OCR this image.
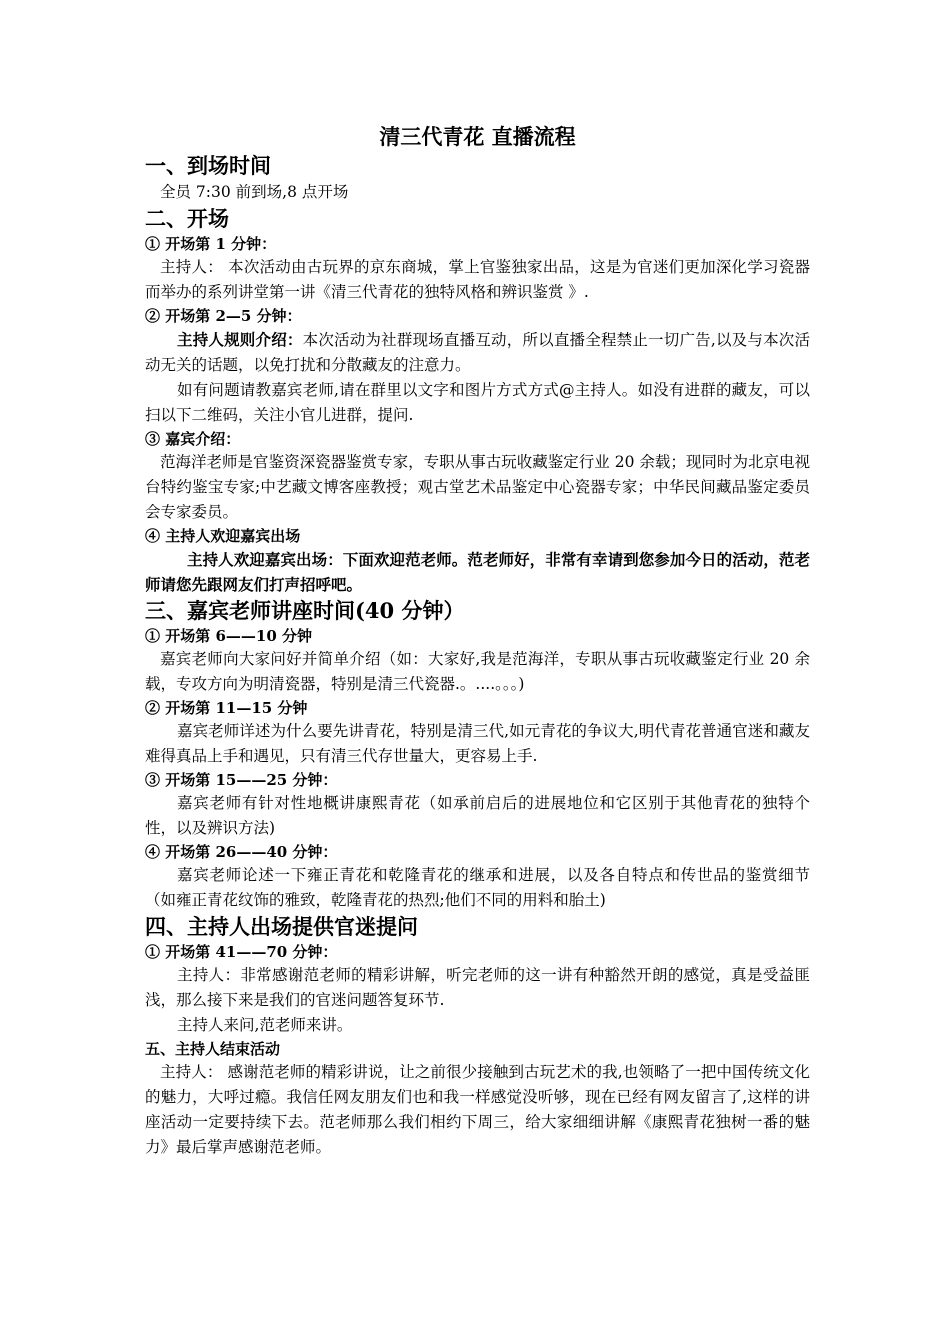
清三代青花 直播流程
一、到场时间
全员 7:30 前到场,8 点开场
二、开场
① 开场第 1 分钟：
主持人： 本次活动由古玩界的京东商城，掌上官鉴独家出品，这是为官迷们更加深化学习瓷器而举办的系列讲堂第一讲《清三代青花的独特风格和辨识鉴赏 》.
② 开场第 2—5 分钟：
主持人规则介绍：本次活动为社群现场直播互动，所以直播全程禁止一切广告,以及与本次活动无关的话题，以免打扰和分散藏友的注意力。
如有问题请教嘉宾老师,请在群里以文字和图片方式方式@主持人。如没有进群的藏友，可以扫以下二维码，关注小官儿进群，提问.
③ 嘉宾介绍：
范海洋老师是官鉴资深瓷器鉴赏专家，专职从事古玩收藏鉴定行业 20 余载；现同时为北京电视台特约鉴宝专家;中艺藏文博客座教授；观古堂艺术品鉴定中心瓷器专家；中华民间藏品鉴定委员会专家委员。
④ 主持人欢迎嘉宾出场
主持人欢迎嘉宾出场：下面欢迎范老师。范老师好，非常有幸请到您参加今日的活动，范老师请您先跟网友们打声招呼吧。
三、嘉宾老师讲座时间(40 分钟）
① 开场第 6——10 分钟
嘉宾老师向大家问好并简单介绍（如：大家好,我是范海洋，专职从事古玩收藏鉴定行业 20 余载，专攻方向为明清瓷器，特别是清三代瓷器.。....。。。)
② 开场第 11—15 分钟
嘉宾老师详述为什么要先讲青花，特别是清三代,如元青花的争议大,明代青花普通官迷和藏友难得真品上手和遇见，只有清三代存世量大，更容易上手.
③ 开场第 15——25 分钟：
嘉宾老师有针对性地概讲康熙青花（如承前启后的进展地位和它区别于其他青花的独特个性，以及辨识方法)
④ 开场第 26——40 分钟：
嘉宾老师论述一下雍正青花和乾隆青花的继承和进展，以及各自特点和传世品的鉴赏细节（如雍正青花纹饰的雅致，乾隆青花的热烈;他们不同的用料和胎土)
四、主持人出场提供官迷提问
① 开场第 41——70 分钟：
主持人：非常感谢范老师的精彩讲解，听完老师的这一讲有种豁然开朗的感觉，真是受益匪浅，那么接下来是我们的官迷问题答复环节.
主持人来问,范老师来讲。
五、主持人结束活动
主持人： 感谢范老师的精彩讲说，让之前很少接触到古玩艺术的我,也领略了一把中国传统文化的魅力，大呼过瘾。我信任网友朋友们也和我一样感觉没听够，现在已经有网友留言了,这样的讲座活动一定要持续下去。范老师那么我们相约下周三，给大家细细讲解《康熙青花独树一番的魅力》最后掌声感谢范老师。
